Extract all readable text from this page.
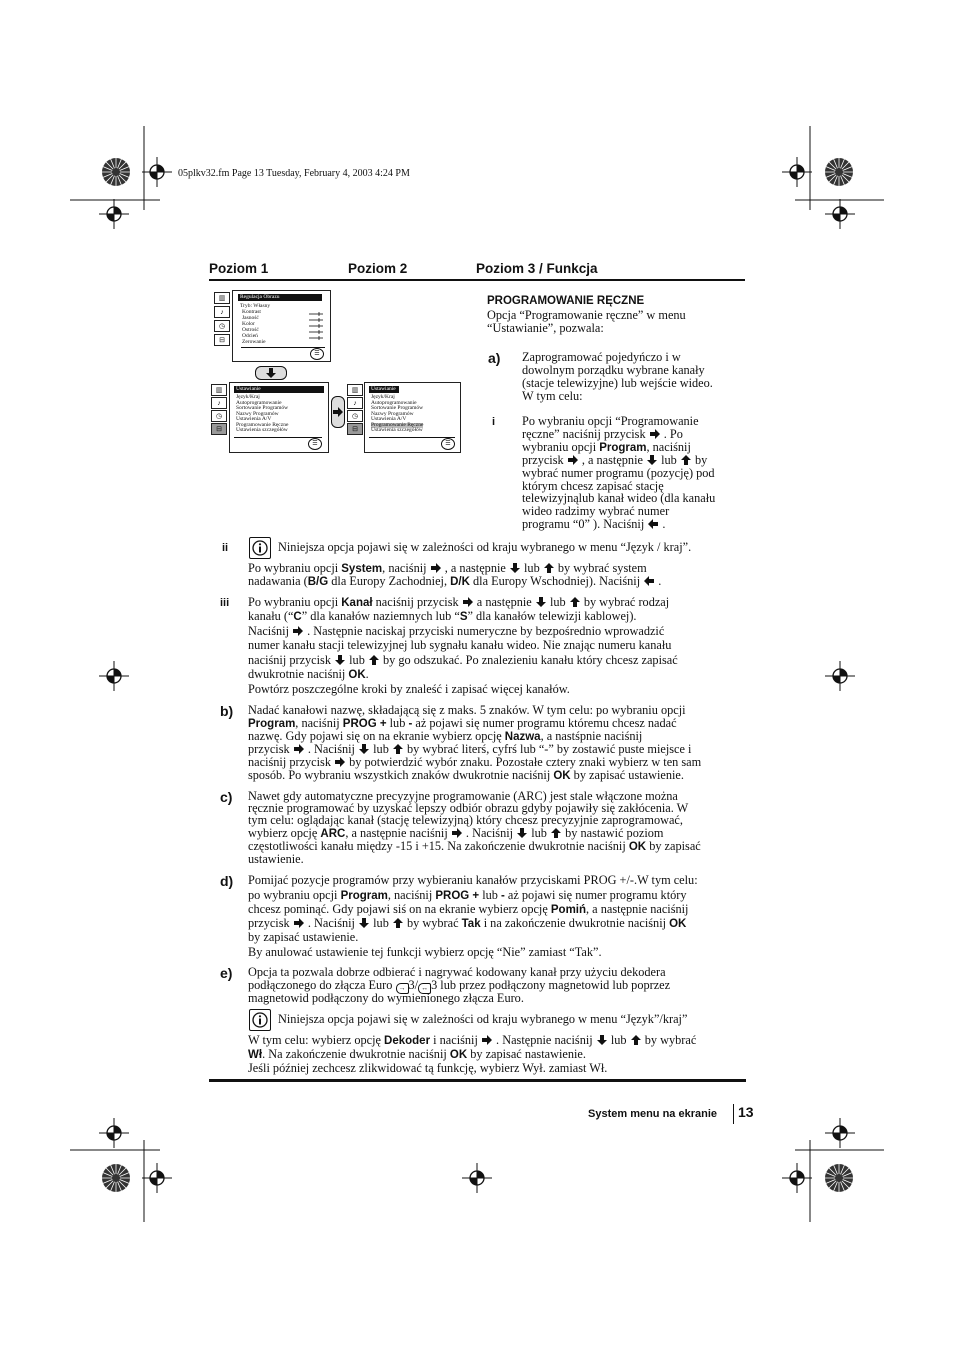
05plkv32.fm Page 13 Tuesday, February 4, 2003 4:24 PM
Poziom 1	Poziom 2	Poziom 3 / Funkcja
▥
♪
◷
⊟
Regulacja Obrazu
Tryb: Własny
Kontrast
Jasność
Kolor
Ostrość
Odcień
Zerowanie
☰
▥
♪
◷
⊟
Ustawianie
Język/Kraj
Autoprogramowanie
Sortowanie Programów
Nazwy Programów
Ustawienia A/V
Programowanie Ręczne
Ustawienia szczegółów
☰
▥
♪
◷
⊟
Ustawianie
Język/Kraj
Autoprogramowanie
Sortowanie Programów
Nazwy Programów
Ustawienia A/V
Programowanie Ręczne
Ustawienia szczegółów
☰
PROGRAMOWANIE RĘCZNE
Opcja “Programowanie ręczne” w menu
“Ustawianie”, pozwala:
a) Zaprogramować pojedyńczo i w
dowolnym porządku wybrane kanały
(stacje telewizyjne) lub wejście wideo.
W tym celu:
i Po wybraniu opcji “Programowanie
ręczne” naciśnij przycisk . Po
wybraniu opcji Program, naciśnij
przycisk , a następnie lub by
wybrać numer programu (pozycję) pod
którym chcesz zapisać stację
telewizyjnąlub kanał wideo (dla kanału
wideo radzimy wybrać numer
programu “0” ). Naciśnij .
ii	Niniejsza opcja pojawi się w zależności od kraju wybranego w menu “Język / kraj”.
Po wybraniu opcji System, naciśnij , a następnie lub by wybrać system
nadawania (B/G dla Europy Zachodniej, D/K dla Europy Wschodniej). Naciśnij .
iii Po wybraniu opcji Kanał naciśnij przycisk a następnie lub by wybrać rodzaj
kanału (“C” dla kanałów naziemnych lub “S” dla kanałów telewizji kablowej).
Naciśnij . Następnie naciskaj przyciski numeryczne by bezpośrednio wprowadzić
numer kanału stacji telewizyjnej lub sygnału kanału wideo. Nie znając numeru kanału
naciśnij przycisk lub by go odszukać. Po znalezieniu kanału który chcesz zapisać
dwukrotnie naciśnij OK.
Powtórz poszczególne kroki by znaleść i zapisać więcej kanałów.
b) Nadać kanałowi nazwę, składającą się z maks. 5 znaków. W tym celu: po wybraniu opcji
Program, naciśnij PROG + lub - aż pojawi się numer programu któremu chcesz nadać
nazwę. Gdy pojawi się on na ekranie wybierz opcję Nazwa, a nastśpnie naciśnij
przycisk . Naciśnij lub by wybrać literś, cyfrś lub “-” by zostawić puste miejsce i
naciśnij przycisk by potwierdzić wybór znaku. Pozostałe cztery znaki wybierz w ten sam
sposób. Po wybraniu wszystkich znaków dwukrotnie naciśnij OK by zapisać ustawienie.
c) Nawet gdy automatyczne precyzyjne programowanie (ARC) jest stale włączone można
ręcznie programować by uzyskać lepszy odbiór obrazu gdyby pojawiły się zakłócenia. W
tym celu: oglądając kanał (stację telewizyjną) który chcesz precyzyjnie zaprogramować,
wybierz opcję ARC, a następnie naciśnij . Naciśnij lub by nastawić poziom
częstotliwości kanału między -15 i +15. Na zakończenie dwukrotnie naciśnij OK by zapisać
ustawienie.
d) Pomijać pozycje programów przy wybieraniu kanałów przyciskami PROG +/-.W tym celu:
po wybraniu opcji Program, naciśnij PROG + lub - aż pojawi się numer programu który
chcesz pominąć. Gdy pojawi siś on na ekranie wybierz opcję Pomiń, a następnie naciśnij
przycisk . Naciśnij lub by wybrać Tak i na zakończenie dwukrotnie naciśnij OK
by zapisać ustawienie.
By anulować ustawienie tej funkcji wybierz opcję “Nie” zamiast “Tak”.
e) Opcja ta pozwala dobrze odbierać i nagrywać kodowany kanał przy użyciu dekodera
podłączonego do złącza Euro → 3/ ↔ 3 lub przez podłączony magnetowid lub poprzez
magnetowid podłączony do wymienionego złącza Euro.
Niniejsza opcja pojawi się w zależności od kraju wybranego w menu “Język”/kraj”
W tym celu: wybierz opcję Dekoder i naciśnij . Następnie naciśnij lub by wybrać
Wł. Na zakończenie dwukrotnie naciśnij OK by zapisać nastawienie.
Jeśli później zechcesz zlikwidować tą funkcję, wybierz Wył. zamiast Wł.
System menu na ekranie 13
